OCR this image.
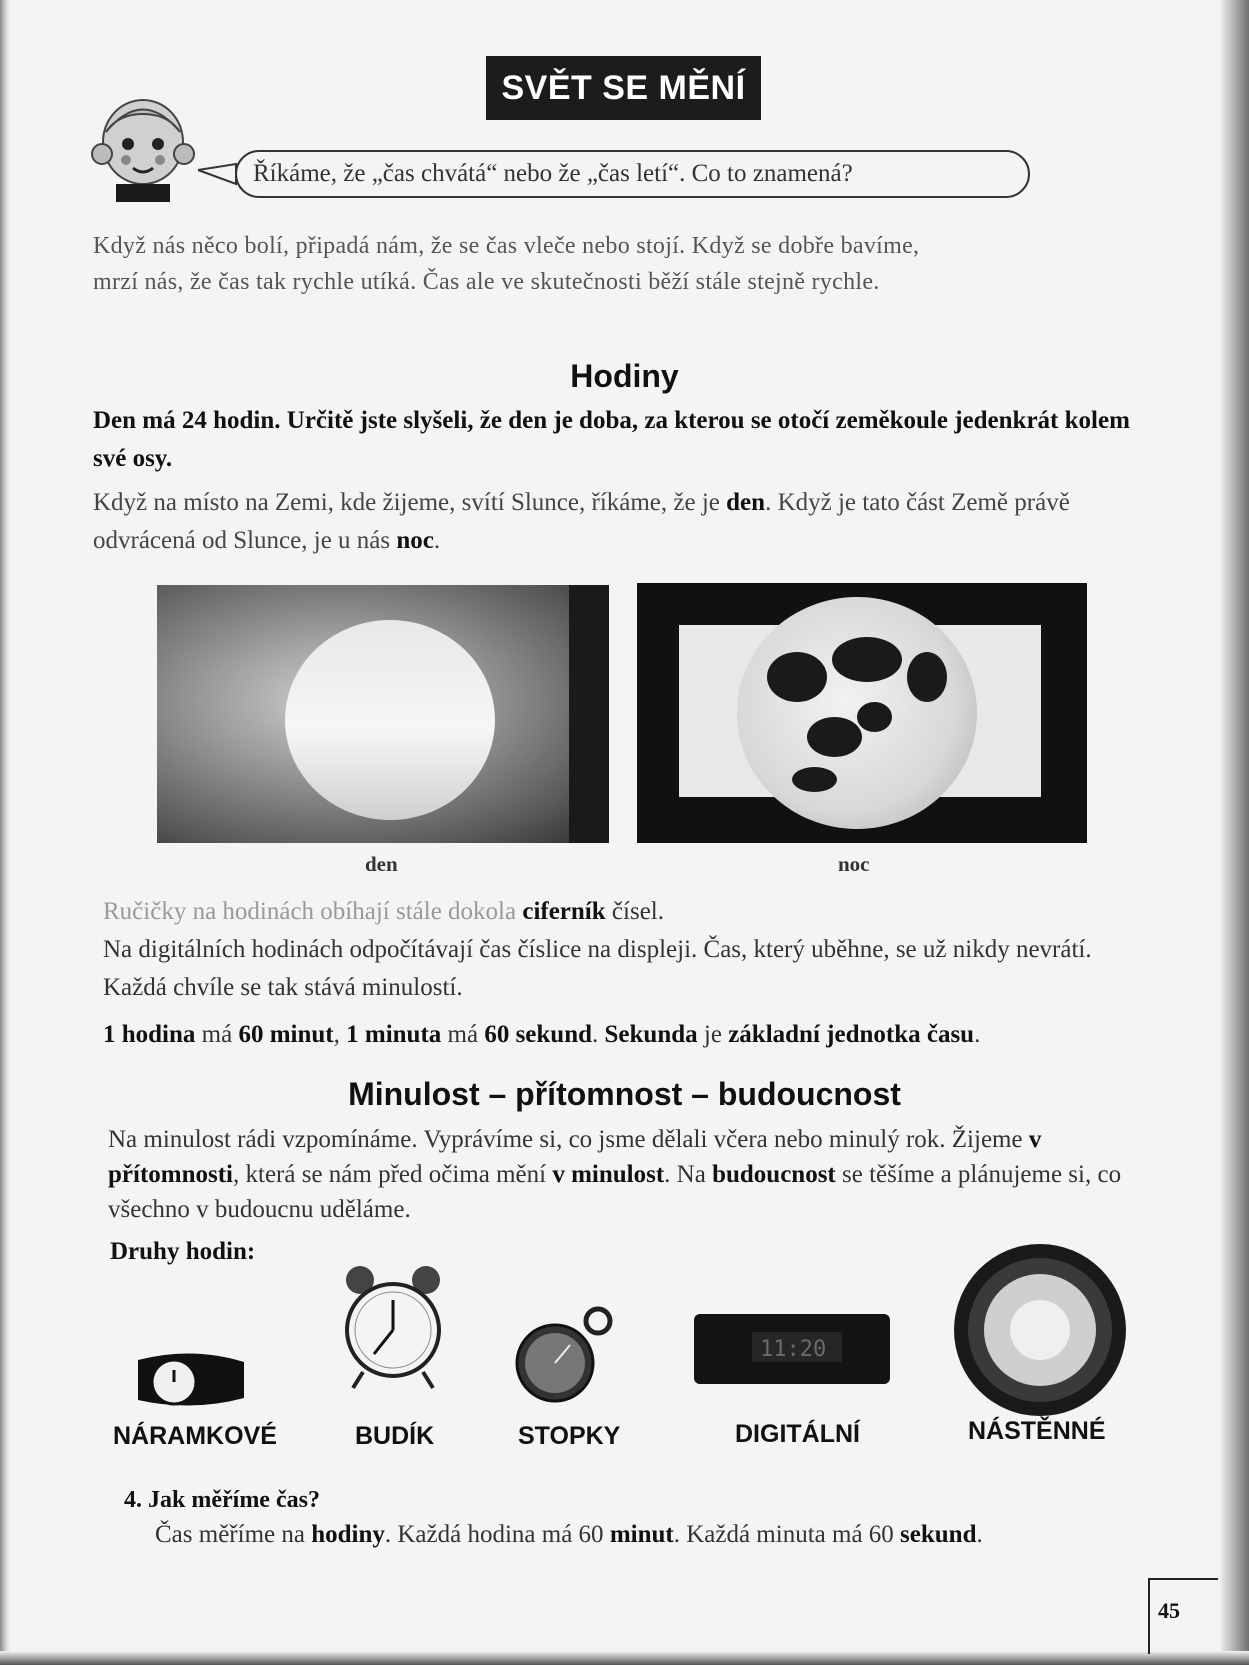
SVĚT SE MĚNÍ
Říkáme, že „čas chvátá“ nebo že „čas letí“. Co to znamená?
Když nás něco bolí, připadá nám, že se čas vleče nebo stojí. Když se dobře bavíme,
mrzí nás, že čas tak rychle utíká. Čas ale ve skutečnosti běží stále stejně rychle.
Hodiny
Den má 24 hodin. Určitě jste slyšeli, že den je doba, za kterou se otočí zeměkoule jedenkrát kolem své osy.
Když na místo na Zemi, kde žijeme, svítí Slunce, říkáme, že je den. Když je tato část Země právě odvrácená od Slunce, je u nás noc.
den	noc
Ručičky na hodinách obíhají stále dokola ciferník čísel.
Na digitálních hodinách odpočítávají čas číslice na displeji. Čas, který uběhne, se už nikdy nevrátí. Každá chvíle se tak stává minulostí.
1 hodina má 60 minut, 1 minuta má 60 sekund. Sekunda je základní jednotka času.
Minulost – přítomnost – budoucnost
Na minulost rádi vzpomínáme. Vyprávíme si, co jsme dělali včera nebo minulý rok. Žijeme v přítomnosti, která se nám před očima mění v minulost. Na budoucnost se těšíme a plánujeme si, co všechno v budoucnu uděláme.
Druhy hodin:
11:20
NÁRAMKOVÉ	BUDÍK	STOPKY	DIGITÁLNÍ	NÁSTĚNNÉ
4. Jak měříme čas?
Čas měříme na hodiny. Každá hodina má 60 minut. Každá minuta má 60 sekund.
45
